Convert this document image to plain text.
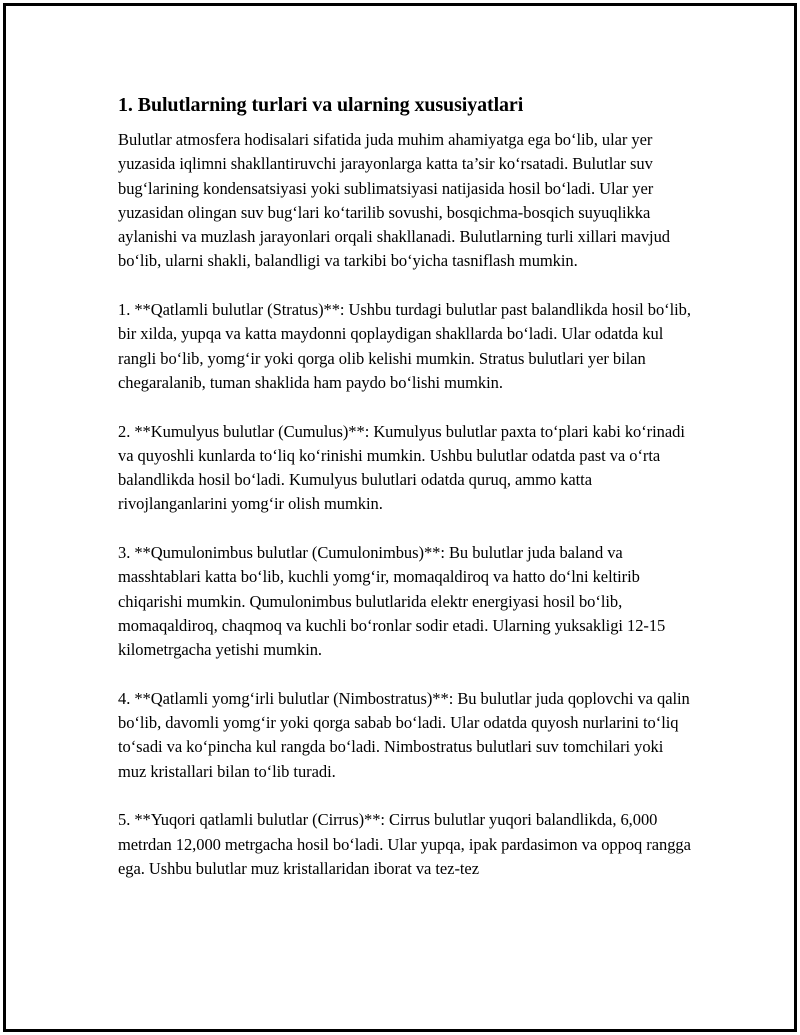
1. Bulutlarning turlari va ularning xususiyatlari

Bulutlar atmosfera hodisalari sifatida juda muhim ahamiyatga ega bo‘lib, ular yer yuzasida iqlimni shakllantiruvchi jarayonlarga katta ta’sir ko‘rsatadi. Bulutlar suv bug‘larining kondensatsiyasi yoki sublimatsiyasi natijasida hosil bo‘ladi. Ular yer yuzasidan olingan suv bug‘lari ko‘tarilib sovushi, bosqichma-bosqich suyuqlikka aylanishi va muzlash jarayonlari orqali shakllanadi. Bulutlarning turli xillari mavjud bo‘lib, ularni shakli, balandligi va tarkibi bo‘yicha tasniflash mumkin.

1. **Qatlamli bulutlar (Stratus)**: Ushbu turdagi bulutlar past balandlikda hosil bo‘lib, bir xilda, yupqa va katta maydonni qoplaydigan shakllarda bo‘ladi. Ular odatda kul rangli bo‘lib, yomg‘ir yoki qorga olib kelishi mumkin. Stratus bulutlari yer bilan chegaralanib, tuman shaklida ham paydo bo‘lishi mumkin.

2. **Kumulyus bulutlar (Cumulus)**: Kumulyus bulutlar paxta to‘plari kabi ko‘rinadi va quyoshli kunlarda to‘liq ko‘rinishi mumkin. Ushbu bulutlar odatda past va o‘rta balandlikda hosil bo‘ladi. Kumulyus bulutlari odatda quruq, ammo katta rivojlanganlarini yomg‘ir olish mumkin.

3. **Qumulonimbus bulutlar (Cumulonimbus)**: Bu bulutlar juda baland va masshtablari katta bo‘lib, kuchli yomg‘ir, momaqaldiroq va hatto do‘lni keltirib chiqarishi mumkin. Qumulonimbus bulutlarida elektr energiyasi hosil bo‘lib, momaqaldiroq, chaqmoq va kuchli bo‘ronlar sodir etadi. Ularning yuksakligi 12-15 kilometrgacha yetishi mumkin.

4. **Qatlamli yomg‘irli bulutlar (Nimbostratus)**: Bu bulutlar juda qoplovchi va qalin bo‘lib, davomli yomg‘ir yoki qorga sabab bo‘ladi. Ular odatda quyosh nurlarini to‘liq to‘sadi va ko‘pincha kul rangda bo‘ladi. Nimbostratus bulutlari suv tomchilari yoki muz kristallari bilan to‘lib turadi.

5. **Yuqori qatlamli bulutlar (Cirrus)**: Cirrus bulutlar yuqori balandlikda, 6,000 metrdan 12,000 metrgacha hosil bo‘ladi. Ular yupqa, ipak pardasimon va oppoq rangga ega. Ushbu bulutlar muz kristallaridan iborat va tez-tez
